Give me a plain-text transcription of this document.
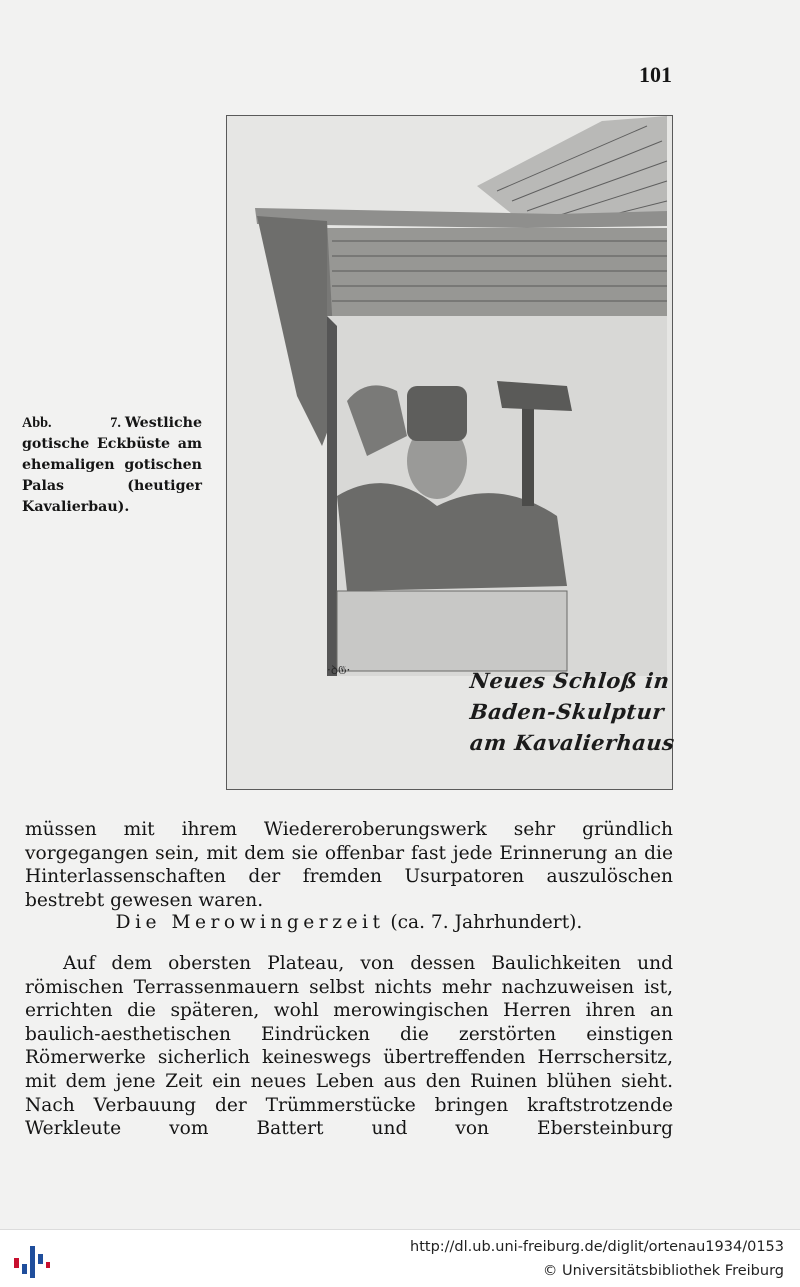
101
Abb. 7. Westliche gotische Eckbüste am ehemaligen gotischen Palas (heutiger Kavalierbau).
·ꝺ𝔊·	Neues Schloß in
Baden-Skulptur
am Kavalierhaus

müssen mit ihrem Wiedereroberungswerk sehr gründlich vorgegangen sein, mit dem sie offenbar fast jede Erinnerung an die Hinterlassenschaften der fremden Usurpatoren auszulöschen bestrebt gewesen waren.

Die Merowingerzeit (ca. 7. Jahrhundert).

Auf dem obersten Plateau, von dessen Baulichkeiten und römischen Terrassenmauern selbst nichts mehr nachzuweisen ist, errichten die späteren, wohl merowingischen Herren ihren an baulich-aesthetischen Eindrücken die zerstörten einstigen Römerwerke sicherlich keineswegs übertreffenden Herrschersitz, mit dem jene Zeit ein neues Leben aus den Ruinen blühen sieht. Nach Verbauung der Trümmerstücke bringen kraftstrotzende Werkleute vom Battert und von Ebersteinburg

http://dl.ub.uni-freiburg.de/diglit/ortenau1934/0153
© Universitätsbibliothek Freiburg
